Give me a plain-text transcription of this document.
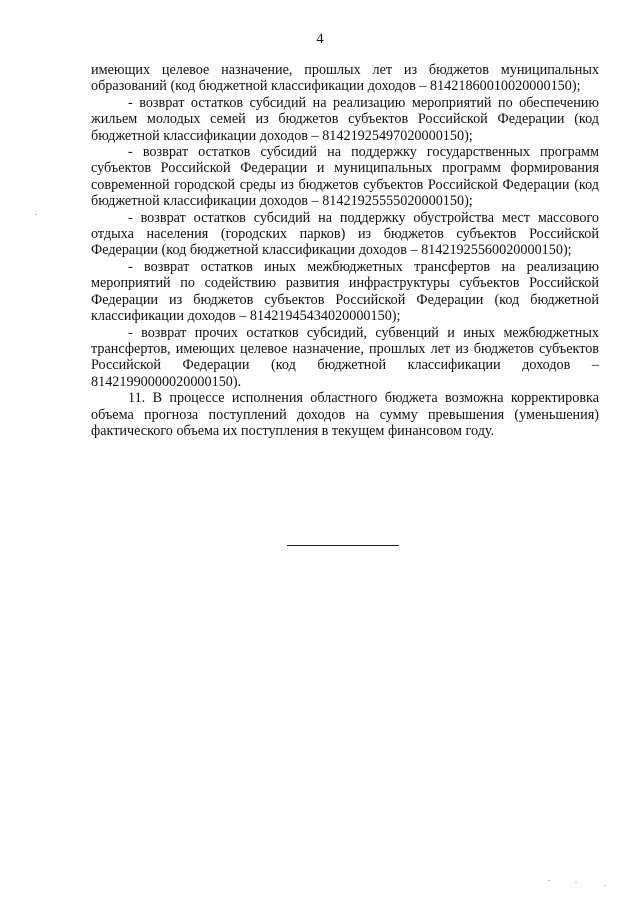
4

имеющих целевое назначение, прошлых лет из бюджетов муниципальных образований (код бюджетной классификации доходов – 81421860010020000150);

- возврат остатков субсидий на реализацию мероприятий по обеспечению жильем молодых семей из бюджетов субъектов Российской Федерации (код бюджетной классификации доходов – 81421925497020000150);

- возврат остатков субсидий на поддержку государственных программ субъектов Российской Федерации и муниципальных программ формирования современной городской среды из бюджетов субъектов Российской Федерации (код бюджетной классификации доходов – 81421925555020000150);

- возврат остатков субсидий на поддержку обустройства мест массового отдыха населения (городских парков) из бюджетов субъектов Российской Федерации (код бюджетной классификации доходов – 81421925560020000150);

- возврат остатков иных межбюджетных трансфертов на реализацию мероприятий по содействию развития инфраструктуры субъектов Российской Федерации из бюджетов субъектов Российской Федерации (код бюджетной классификации доходов – 81421945434020000150);

- возврат прочих остатков субсидий, субвенций и иных межбюджетных трансфертов, имеющих целевое назначение, прошлых лет из бюджетов субъектов Российской Федерации (код бюджетной классификации доходов – 81421990000020000150).

11. В процессе исполнения областного бюджета возможна корректировка объема прогноза поступлений доходов на сумму превышения (уменьшения) фактического объема их поступления в текущем финансовом году.
